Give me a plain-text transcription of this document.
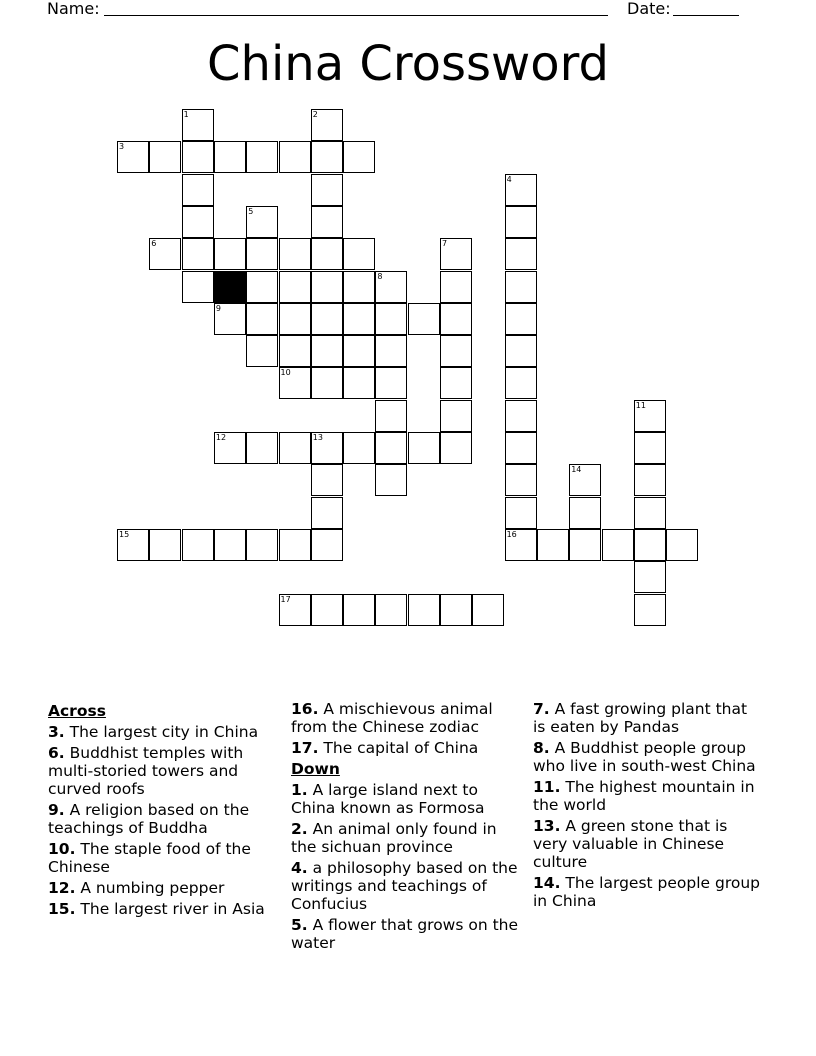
Name:	Date:
China Crossword
1	2
3
4
16
5
6	7
8
9
10
11
12	13
14
15
17
Across
3. The largest city in China
6. Buddhist temples with multi-storied towers and curved roofs
9. A religion based on the teachings of Buddha
10. The staple food of the Chinese
12. A numbing pepper
15. The largest river in Asia
16. A mischievous animal from the Chinese zodiac
17. The capital of China
Down
1. A large island next to China known as Formosa
2. An animal only found in the sichuan province
4. a philosophy based on the writings and teachings of Confucius
5. A flower that grows on the water
7. A fast growing plant that is eaten by Pandas
8. A Buddhist people group who live in south-west China
11. The highest mountain in the world
13. A green stone that is very valuable in Chinese culture
14. The largest people group in China
